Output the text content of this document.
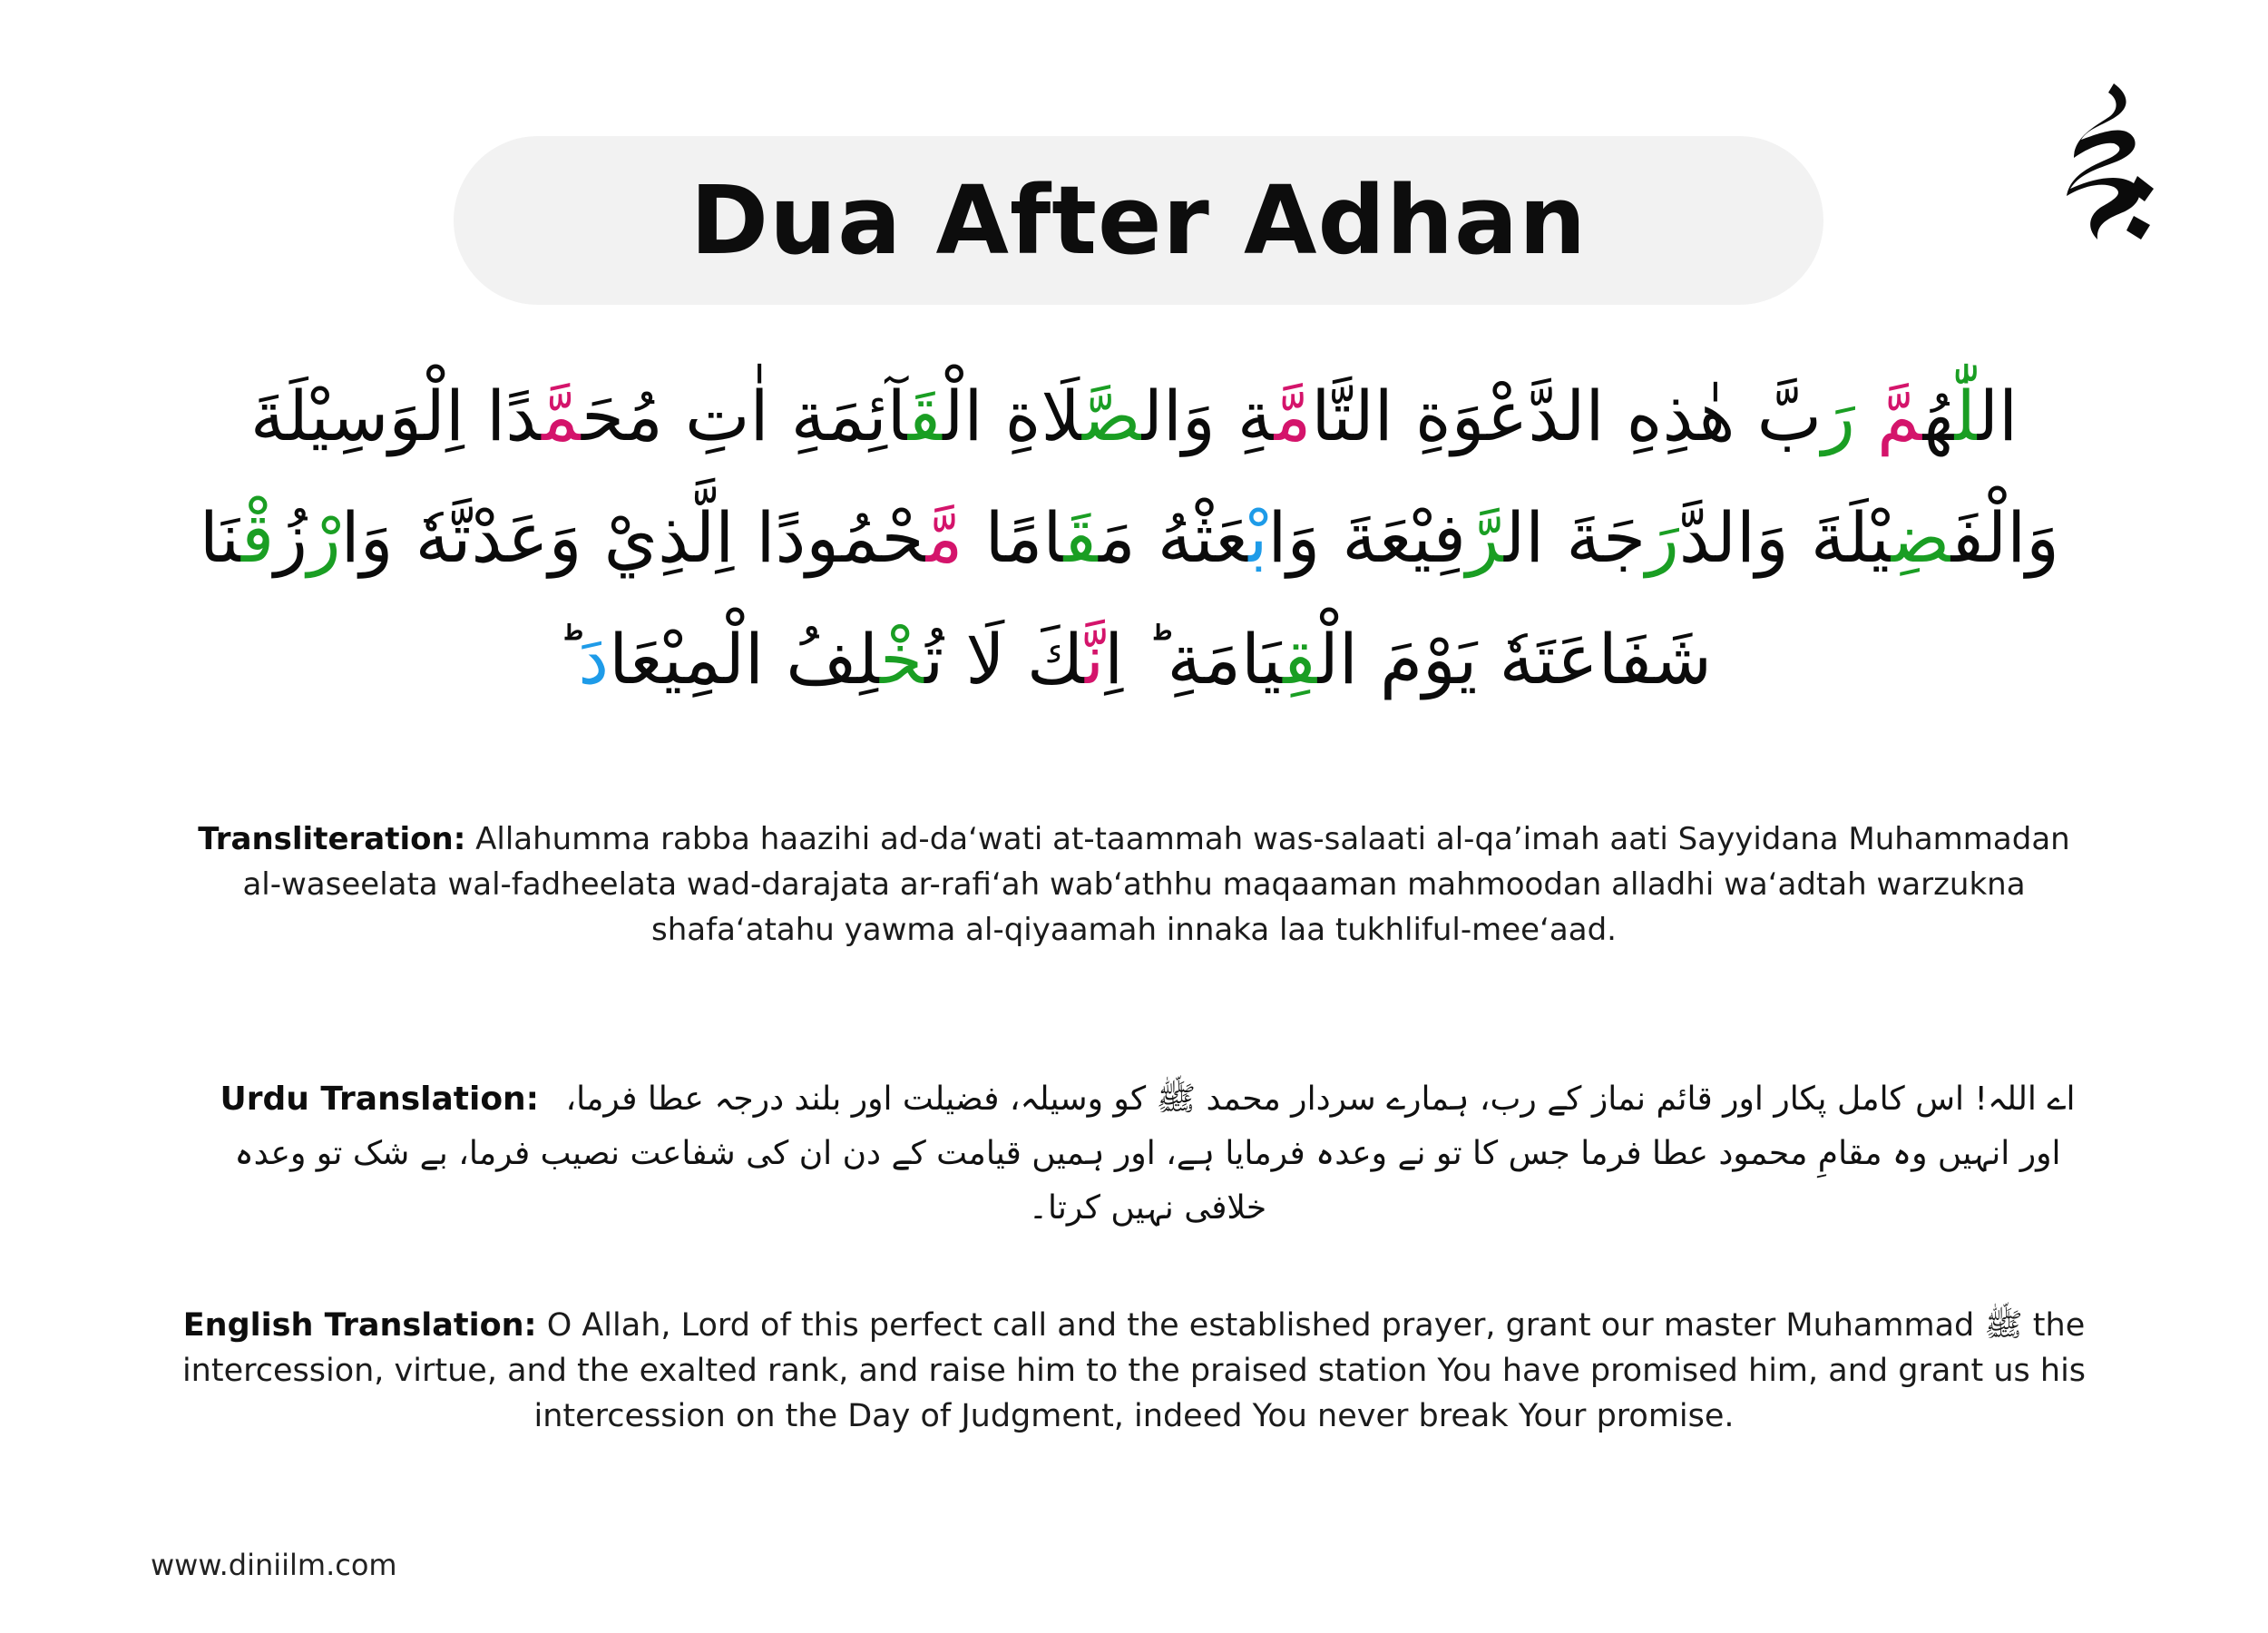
Dua After Adhan
اللّٰهُمَّ رَبَّ هٰذِهِ الدَّعْوَةِ التَّامَّةِ وَالصَّلَاةِ الْقَآئِمَةِ اٰتِ مُحَمَّدًا اِلْوَسِيْلَةَ
وَالْفَضِيْلَةَ وَالدَّرَجَةَ الرَّفِيْعَةَ وَابْعَثْهُ مَقَامًا مَّحْمُودًا اِلَّذِيْ وَعَدْتَّهٗ وَارْزُقْنَا
شَفَاعَتَهٗ يَوْمَ الْقِيَامَةِ ؕ اِنَّكَ لَا تُخْلِفُ الْمِيْعَادَ ؕ
Transliteration: Allahumma rabba haazihi ad-da‘wati at-taammah was-salaati al-qa’imah aati Sayyidana Muhammadan al-waseelata wal-fadheelata wad-darajata ar-rafi‘ah wab‘athhu maqaaman mahmoodan alladhi wa‘adtah warzukna shafa‘atahu yawma al-qiyaamah innaka laa tukhliful-mee‘aad.
Urdu Translation: اے اللہ! اس کامل پکار اور قائم نماز کے رب، ہمارے سردار محمد ﷺ کو وسیلہ، فضیلت اور بلند درجہ عطا فرما، اور انہیں وہ مقامِ محمود عطا فرما جس کا تو نے وعدہ فرمایا ہے، اور ہمیں قیامت کے دن ان کی شفاعت نصیب فرما، بے شک تو وعدہ خلافی نہیں کرتا۔
English Translation: O Allah, Lord of this perfect call and the established prayer, grant our master Muhammad ﷺ the intercession, virtue, and the exalted rank, and raise him to the praised station You have promised him, and grant us his intercession on the Day of Judgment, indeed You never break Your promise.
www.diniilm.com
